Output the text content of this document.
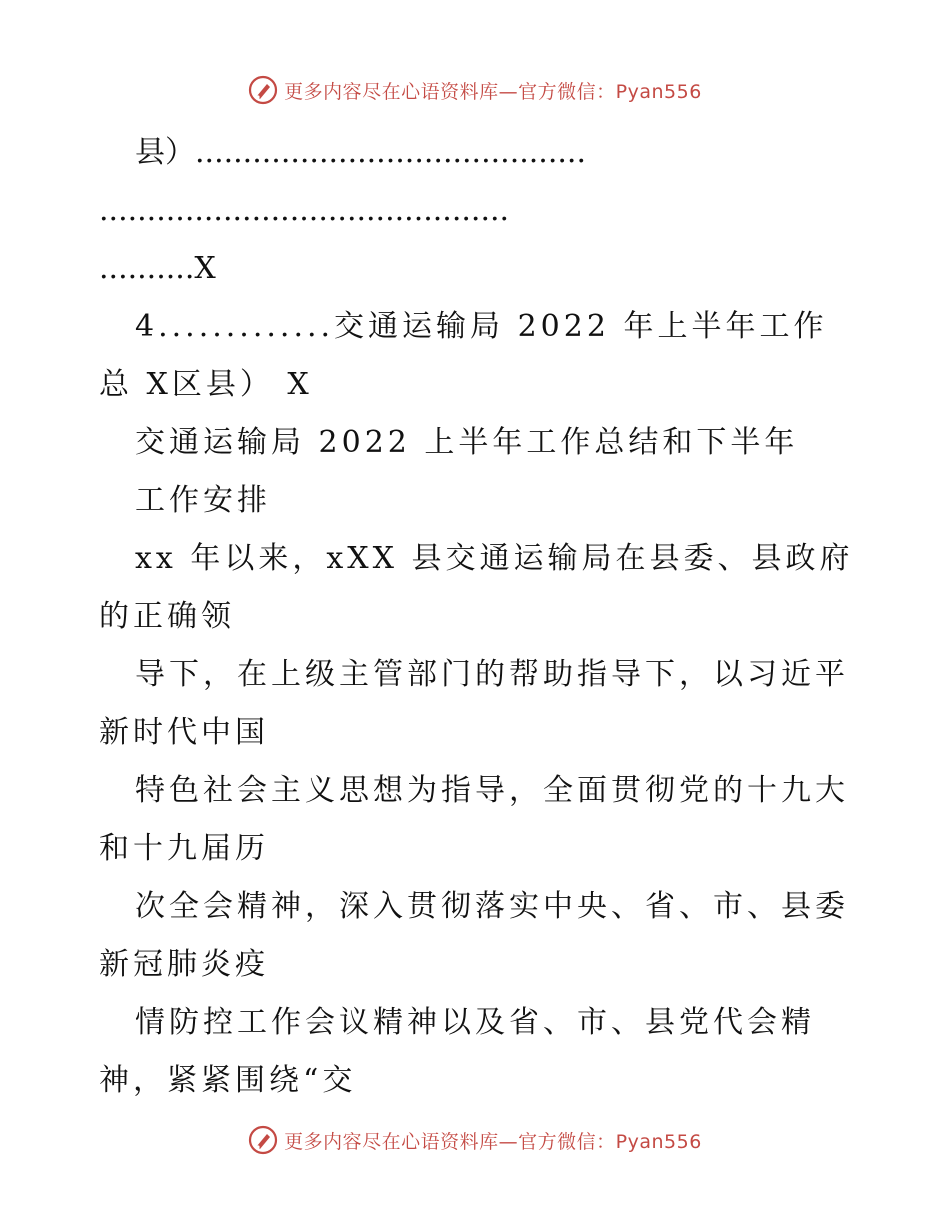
更多内容尽在心语资料库—官方微信：Pyan556
县）.........................................
...........................................
..........X
4.............交通运输局 2022 年上半年工作
总 X区县） X
交通运输局 2022 上半年工作总结和下半年
工作安排
xx 年以来，xXX 县交通运输局在县委、县政府
的正确领
导下，在上级主管部门的帮助指导下，以习近平
新时代中国
特色社会主义思想为指导，全面贯彻党的十九大
和十九届历
次全会精神，深入贯彻落实中央、省、市、县委
新冠肺炎疫
情防控工作会议精神以及省、市、县党代会精
神，紧紧围绕“交
更多内容尽在心语资料库—官方微信：Pyan556
